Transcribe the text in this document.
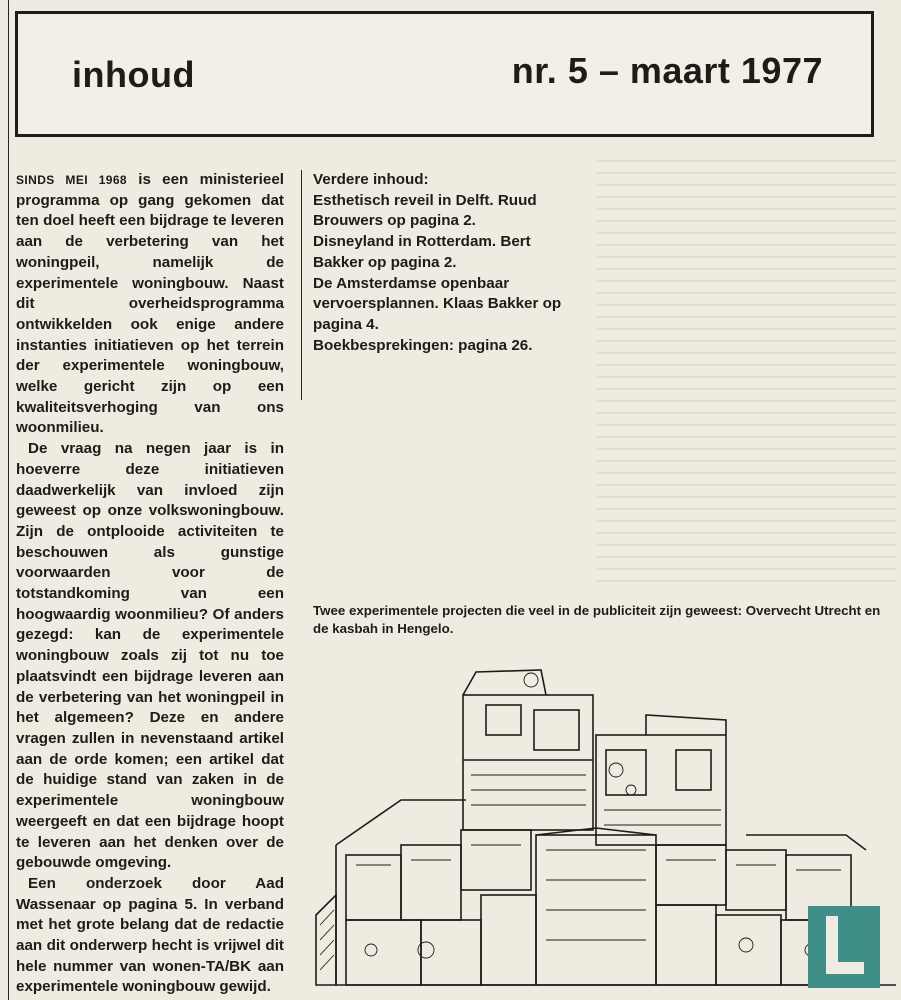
inhoud	nr. 5 – maart 1977

SINDS MEI 1968 is een ministerieel programma op gang gekomen dat ten doel heeft een bijdrage te leveren aan de verbetering van het woningpeil, namelijk de experimentele woningbouw. Naast dit overheidsprogramma ontwikkelden ook enige andere instanties initiatieven op het terrein der experimentele woningbouw, welke gericht zijn op een kwaliteitsverhoging van ons woonmilieu.

De vraag na negen jaar is in hoeverre deze initiatieven daadwerkelijk van invloed zijn geweest op onze volkswoningbouw. Zijn de ontplooide activiteiten te beschouwen als gunstige voorwaarden voor de totstandkoming van een hoogwaardig woonmilieu? Of anders gezegd: kan de experimentele woningbouw zoals zij tot nu toe plaatsvindt een bijdrage leveren aan de verbetering van het woningpeil in het algemeen? Deze en andere vragen zullen in nevenstaand artikel aan de orde komen; een artikel dat de huidige stand van zaken in de experimentele woningbouw weergeeft en dat een bijdrage hoopt te leveren aan het denken over de gebouwde omgeving.

Een onderzoek door Aad Wassenaar op pagina 5. In verband met het grote belang dat de redactie aan dit onderwerp hecht is vrijwel dit hele nummer van wonen-TA/BK aan experimentele woningbouw gewijd.

Verdere inhoud:
Esthetisch reveil in Delft. Ruud Brouwers op pagina 2.
Disneyland in Rotterdam. Bert Bakker op pagina 2.
De Amsterdamse openbaar vervoersplannen. Klaas Bakker op pagina 4.
Boekbesprekingen: pagina 26.
Twee experimentele projecten die veel in de publiciteit zijn geweest: Overvecht Utrecht en de kasbah in Hengelo.
